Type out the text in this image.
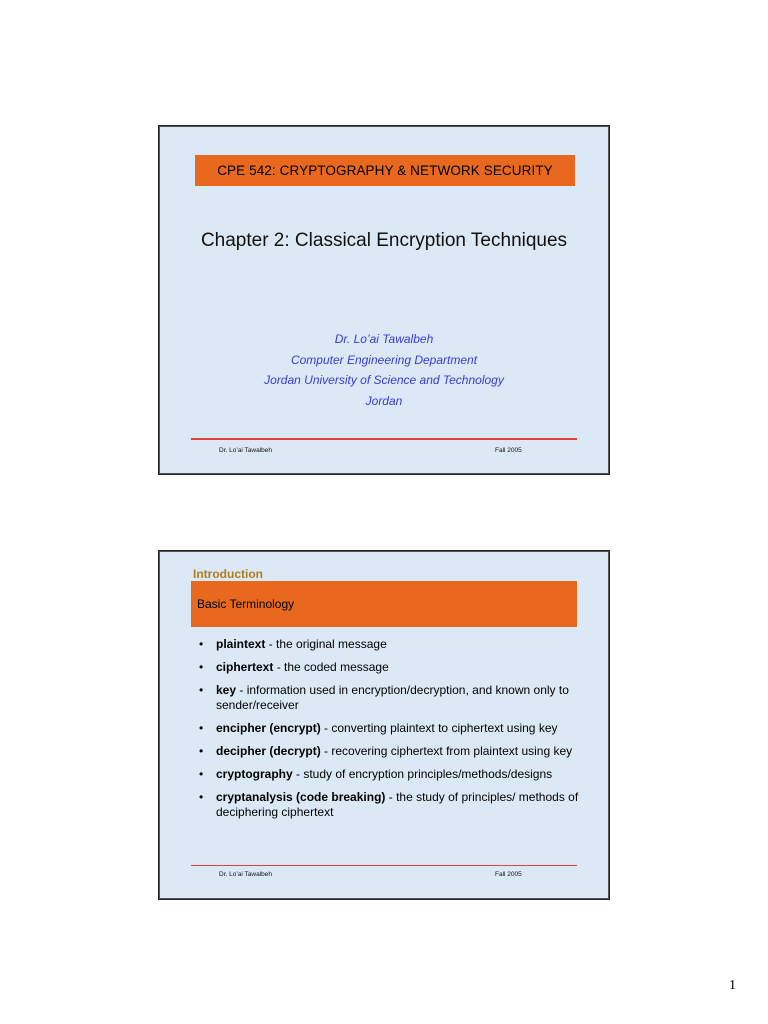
CPE 542: CRYPTOGRAPHY & NETWORK SECURITY
Chapter 2: Classical Encryption Techniques
Dr. Lo’ai Tawalbeh
Computer Engineering Department
Jordan University of Science and Technology
Jordan
Dr. Lo’ai Tawalbeh	Fall 2005
Introduction
Basic Terminology
• plaintext - the original message
• ciphertext - the coded message
• key - information used in encryption/decryption, and known only to sender/receiver
• encipher (encrypt) - converting plaintext to ciphertext using key
• decipher (decrypt) - recovering ciphertext from plaintext using key
• cryptography - study of encryption principles/methods/designs
• cryptanalysis (code breaking) - the study of principles/ methods of deciphering ciphertext
Dr. Lo’ai Tawalbeh	Fall 2005
1
